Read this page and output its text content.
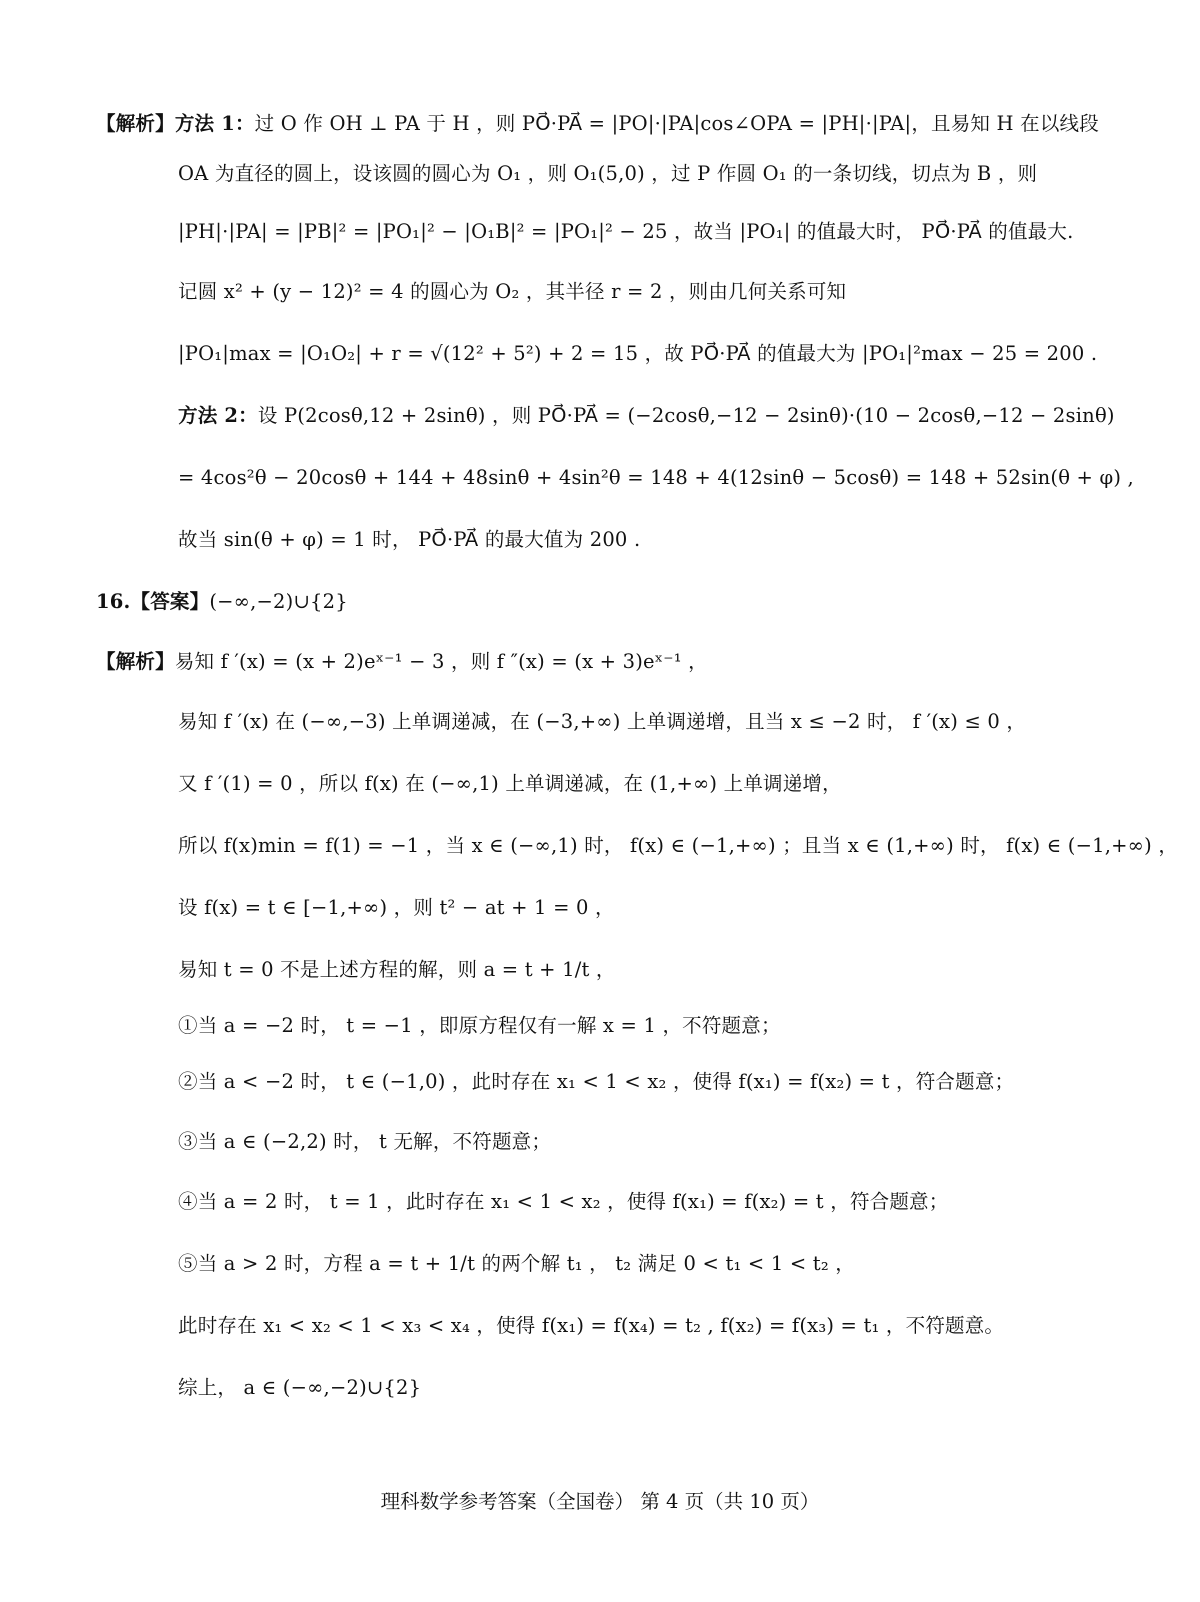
【解析】方法 1：过 O 作 OH ⊥ PA 于 H ，则 PO⃗·PA⃗ = |PO|·|PA|cos∠OPA = |PH|·|PA|，且易知 H 在以线段
OA 为直径的圆上，设该圆的圆心为 O₁ ，则 O₁(5,0) ，过 P 作圆 O₁ 的一条切线，切点为 B ，则
|PH|·|PA| = |PB|² = |PO₁|² − |O₁B|² = |PO₁|² − 25 ，故当 |PO₁| 的值最大时， PO⃗·PA⃗ 的值最大.
记圆 x² + (y − 12)² = 4 的圆心为 O₂ ，其半径 r = 2 ，则由几何关系可知
|PO₁|max = |O₁O₂| + r = √(12² + 5²) + 2 = 15 ，故 PO⃗·PA⃗ 的值最大为 |PO₁|²max − 25 = 200 .
方法 2：设 P(2cosθ,12 + 2sinθ) ，则 PO⃗·PA⃗ = (−2cosθ,−12 − 2sinθ)·(10 − 2cosθ,−12 − 2sinθ)
= 4cos²θ − 20cosθ + 144 + 48sinθ + 4sin²θ = 148 + 4(12sinθ − 5cosθ) = 148 + 52sin(θ + φ) ,
故当 sin(θ + φ) = 1 时， PO⃗·PA⃗ 的最大值为 200 .
16.【答案】(−∞,−2)∪{2}
【解析】易知 f ′(x) = (x + 2)eˣ⁻¹ − 3 ，则 f ″(x) = (x + 3)eˣ⁻¹ ，
易知 f ′(x) 在 (−∞,−3) 上单调递减，在 (−3,+∞) 上单调递增，且当 x ≤ −2 时， f ′(x) ≤ 0 ，
又 f ′(1) = 0 ，所以 f(x) 在 (−∞,1) 上单调递减，在 (1,+∞) 上单调递增，
所以 f(x)min = f(1) = −1 ，当 x ∈ (−∞,1) 时， f(x) ∈ (−1,+∞) ；且当 x ∈ (1,+∞) 时， f(x) ∈ (−1,+∞) ，
设 f(x) = t ∈ [−1,+∞) ，则 t² − at + 1 = 0 ，
易知 t = 0 不是上述方程的解，则 a = t + 1/t ，
①当 a = −2 时， t = −1 ，即原方程仅有一解 x = 1 ，不符题意；
②当 a < −2 时， t ∈ (−1,0) ，此时存在 x₁ < 1 < x₂ ，使得 f(x₁) = f(x₂) = t ，符合题意；
③当 a ∈ (−2,2) 时， t 无解，不符题意；
④当 a = 2 时， t = 1 ，此时存在 x₁ < 1 < x₂ ，使得 f(x₁) = f(x₂) = t ，符合题意；
⑤当 a > 2 时，方程 a = t + 1/t 的两个解 t₁ ， t₂ 满足 0 < t₁ < 1 < t₂ ，
此时存在 x₁ < x₂ < 1 < x₃ < x₄ ，使得 f(x₁) = f(x₄) = t₂ , f(x₂) = f(x₃) = t₁ ，不符题意。
综上， a ∈ (−∞,−2)∪{2}
理科数学参考答案（全国卷） 第 4 页（共 10 页）
